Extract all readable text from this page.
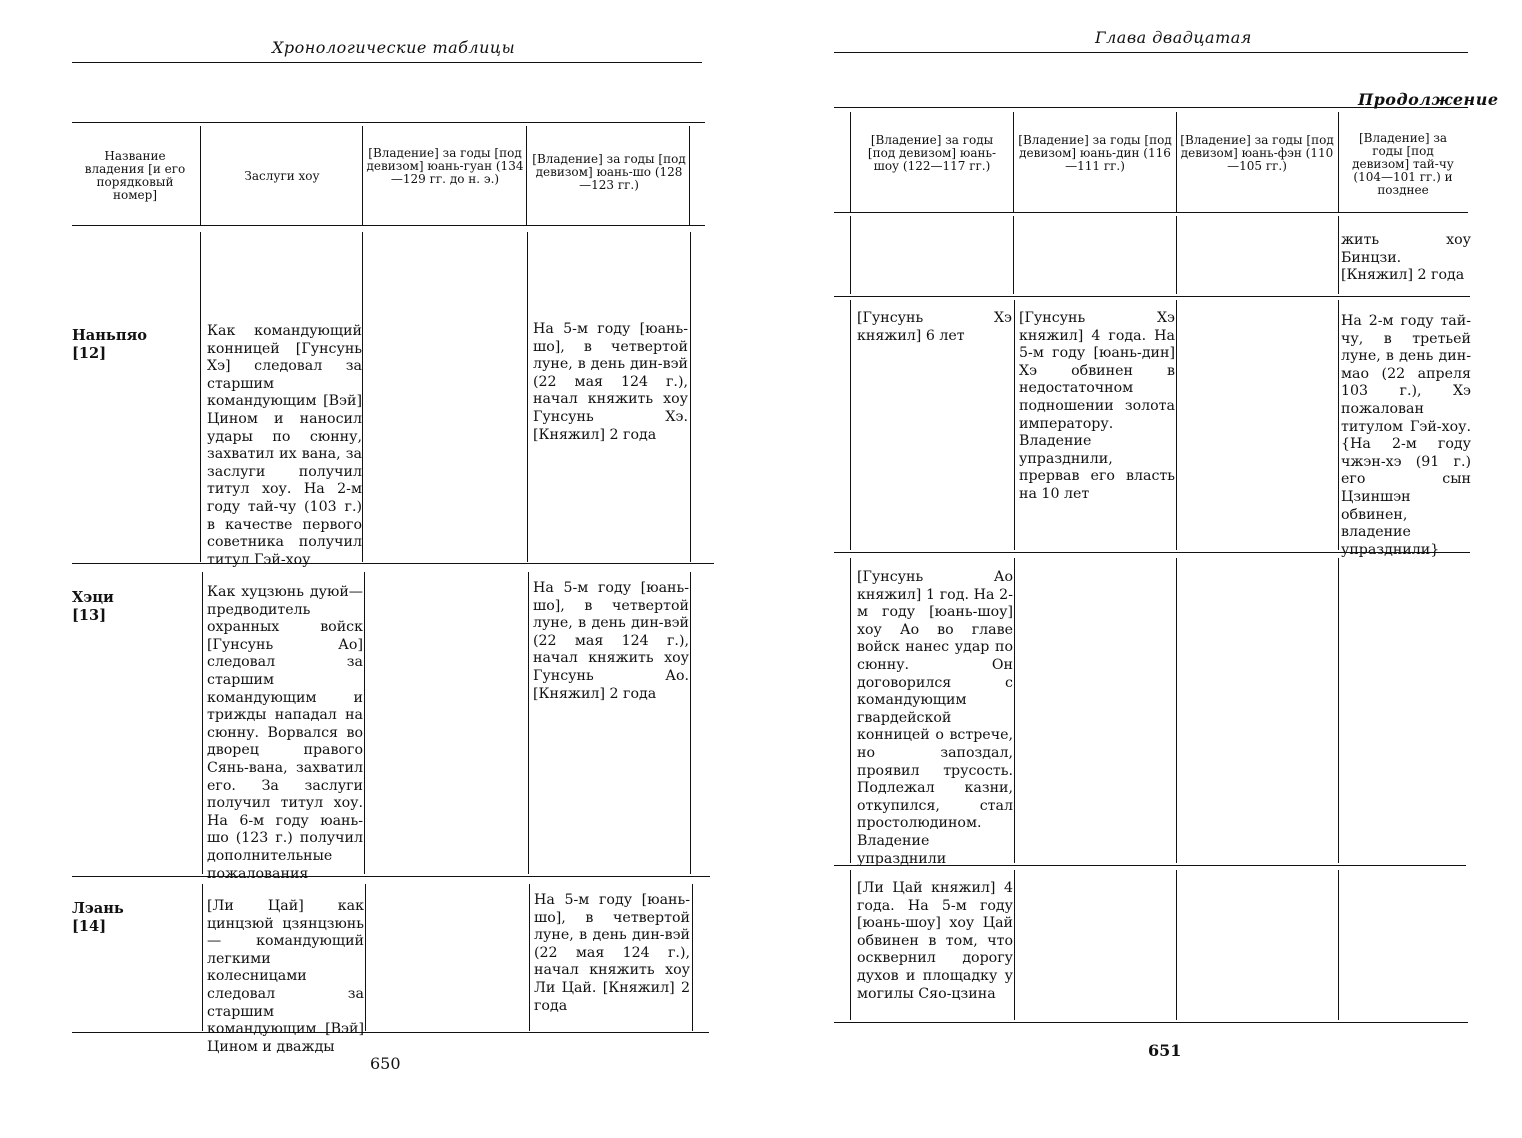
Хронологические таблицы
Название владения [и его порядковый номер]
Заслуги хоу
[Владение] за годы [под девизом] юань-гуан (134—129 гг. до н. э.)
[Владение] за годы [под девизом] юань-шо (128—123 гг.)
Наньпяо [12]
Как командующий конницей [Гунсунь Хэ] следовал за старшим командующим [Вэй] Цином и наносил удары по сюнну, захватил их вана, за заслуги получил титул хоу. На 2-м году тай-чу (103 г.) в качестве первого советника получил титул Гэй-хоу
На 5-м году [юань-шо], в четвертой луне, в день дин-вэй (22 мая 124 г.), начал княжить хоу Гунсунь Хэ. [Княжил] 2 года
Хэци [13]
Как хуцзюнь дуюй—предводитель охранных войск [Гунсунь Ао] следовал за старшим командующим и трижды нападал на сюнну. Ворвался во дворец правого Сянь-вана, захватил его. За заслуги получил титул хоу. На 6-м году юань-шо (123 г.) получил дополнительные пожалования
На 5-м году [юань-шо], в четвертой луне, в день дин-вэй (22 мая 124 г.), начал княжить хоу Гунсунь Ао. [Княжил] 2 года
Лэань [14]
[Ли Цай] как цинцзюй цзянцзюнь — командующий легкими колесницами следовал за старшим командующим [Вэй] Цином и дважды
На 5-м году [юань-шо], в четвертой луне, в день дин-вэй (22 мая 124 г.), начал княжить хоу Ли Цай. [Княжил] 2 года
650
Глава двадцатая
Продолжение
[Владение] за годы [под девизом] юань-шоу (122—117 гг.)
[Владение] за годы [под девизом] юань-дин (116—111 гг.)
[Владение] за годы [под девизом] юань-фэн (110—105 гг.)
[Владение] за годы [под девизом] тай-чу (104—101 гг.) и позднее
жить хоу Бинцзи. [Княжил] 2 года
[Гунсунь Хэ княжил] 6 лет
[Гунсунь Хэ княжил] 4 года. На 5-м году [юань-дин] Хэ обвинен в недостаточном подношении золота императору. Владение упразднили, прервав его власть на 10 лет
На 2-м году тай-чу, в третьей луне, в день дин-мао (22 апреля 103 г.), Хэ пожалован титулом Гэй-хоу. {На 2-м году чжэн-хэ (91 г.) его сын Цзиншэн обвинен, владение упразднили}
[Гунсунь Ао княжил] 1 год. На 2-м году [юань-шоу] хоу Ао во главе войск нанес удар по сюнну. Он договорился с командующим гвардейской конницей о встрече, но запоздал, проявил трусость. Подлежал казни, откупился, стал простолюдином. Владение упразднили
[Ли Цай княжил] 4 года. На 5-м году [юань-шоу] хоу Цай обвинен в том, что осквернил дорогу духов и площадку у могилы Сяо-цзина
651
